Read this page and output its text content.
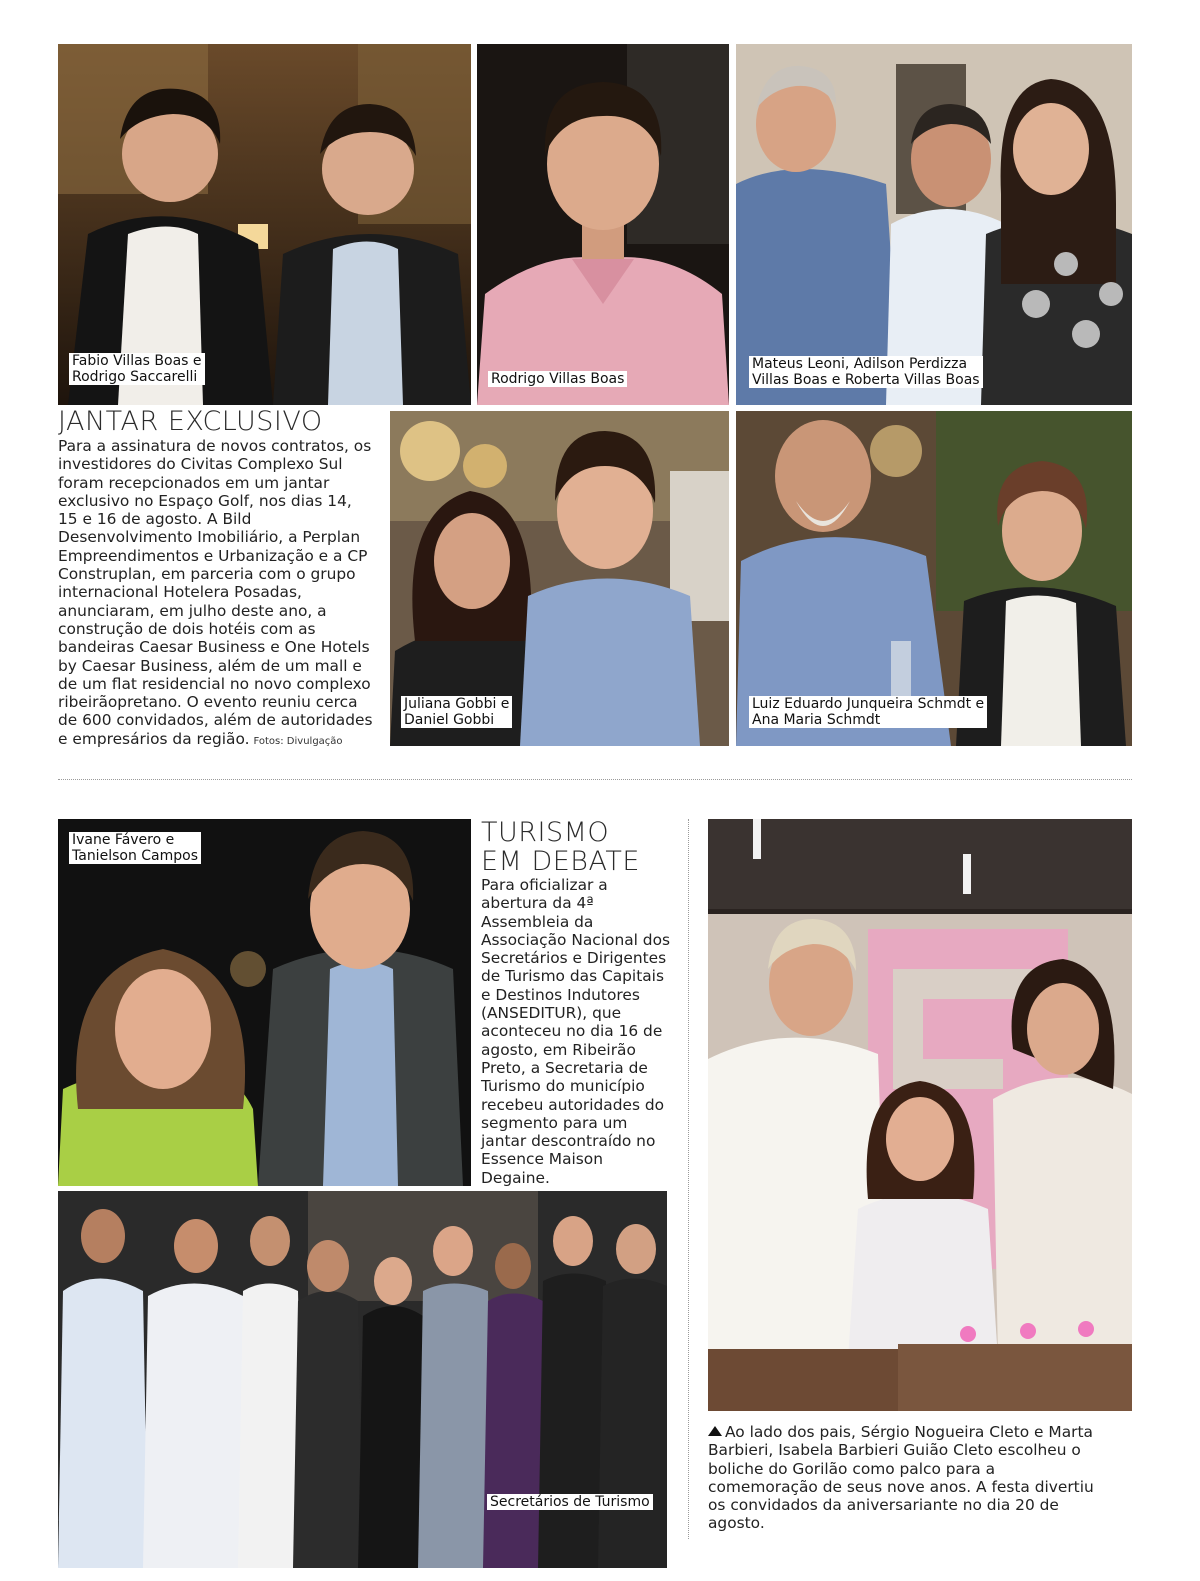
Fabio Villas Boas e
Rodrigo Saccarelli	Rodrigo Villas Boas
Mateus Leoni, Adilson Perdizza
Villas Boas e Roberta Villas Boas
JANTAR EXCLUSIVO

Para a assinatura de novos contratos, os investidores do Civitas Complexo Sul foram recepcionados em um jantar exclusivo no Espaço Golf, nos dias 14, 15 e 16 de agosto. A Bild Desenvolvimento Imobiliário, a Perplan Empreendimentos e Urbanização e a CP Construplan, em parceria com o grupo internacional Hotelera Posadas, anunciaram, em julho deste ano, a construção de dois hotéis com as bandeiras Caesar Business e One Hotels by Caesar Business, além de um mall e de um flat residencial no novo complexo ribeirãopretano. O evento reuniu cerca de 600 convidados, além de autoridades e empresários da região. Fotos: Divulgação

Juliana Gobbi e
Daniel Gobbi
Luiz Eduardo Junqueira Schmdt e
Ana Maria Schmdt
Ivane Fávero e
Tanielson Campos
TURISMO
EM DEBATE

Para oficializar a abertura da 4ª Assembleia da Associação Nacional dos Secretários e Dirigentes de Turismo das Capitais e Destinos Indutores (ANSEDITUR), que aconteceu no dia 16 de agosto, em Ribeirão Preto, a Secretaria de Turismo do município recebeu autoridades do segmento para um jantar descontraído no Essence Maison Degaine.

Secretários de Turismo

Ao lado dos pais, Sérgio Nogueira Cleto e Marta Barbieri, Isabela Barbieri Guião Cleto escolheu o boliche do Gorilão como palco para a comemoração de seus nove anos. A festa divertiu os convidados da aniversariante no dia 20 de agosto.
